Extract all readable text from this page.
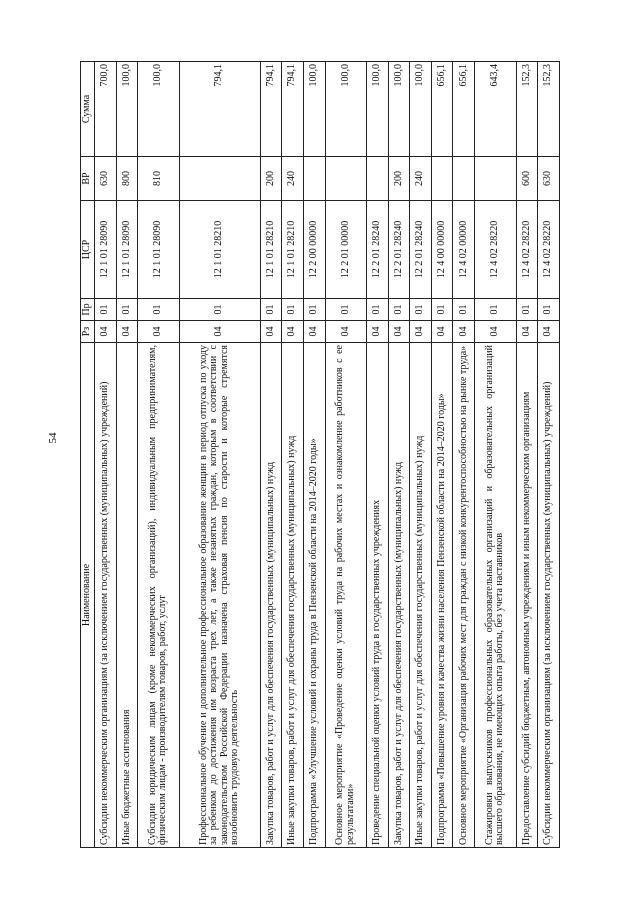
54
Наименование	Рз	Пр	ЦСР	ВР	Сумма
Субсидии некоммерческим организациям (за исключением государственных (муниципальных) учреждений)	04	01	12 1 01 28090	630	700,0
Иные бюджетные ассигнования	04	01	12 1 01 28090	800	100,0
Субсидии юридическим лицам (кроме некоммерческих организаций), индивидуальным предпринимателям, физическим лицам - производителям товаров, работ, услуг	04	01	12 1 01 28090	810	100,0
Профессиональное обучение и дополнительное профессиональное образование женщин в период отпуска по уходу за ребенком до достижения им возраста трех лет, а также незанятых граждан, которым в соответствии с законодательством Российской Федерации назначена страховая пенсия по старости и которые стремятся возобновить трудовую деятельность	04	01	12 1 01 28210		794,1
Закупка товаров, работ и услуг для обеспечения государственных (муниципальных) нужд	04	01	12 1 01 28210	200	794,1
Иные закупки товаров, работ и услуг для обеспечения государственных (муниципальных) нужд	04	01	12 1 01 28210	240	794,1
Подпрограмма «Улучшение условий и охраны труда в Пензенской области на 2014–2020 годы»	04	01	12 2 00 00000		100,0
Основное мероприятие «Проведение оценки условий труда на рабочих местах и ознакомление работников с ее результатами»	04	01	12 2 01 00000		100,0
Проведение специальной оценки условий труда в государственных учреждениях	04	01	12 2 01 28240		100,0
Закупка товаров, работ и услуг для обеспечения государственных (муниципальных) нужд	04	01	12 2 01 28240	200	100,0
Иные закупки товаров, работ и услуг для обеспечения государственных (муниципальных) нужд	04	01	12 2 01 28240	240	100,0
Подпрограмма «Повышение уровня и качества жизни населения Пензенской области на 2014–2020 годы»	04	01	12 4 00 00000		656,1
Основное мероприятие «Организация рабочих мест для граждан с низкой конкурентоспособностью на рынке труда»	04	01	12 4 02 00000		656,1
Стажировки выпускников профессиональных образовательных организаций и образовательных организаций высшего образования, не имеющих опыта работы, без учета наставников	04	01	12 4 02 28220		643,4
Предоставление субсидий бюджетным, автономным учреждениям и иным некоммерческим организациям	04	01	12 4 02 28220	600	152,3
Субсидии некоммерческим организациям (за исключением государственных (муниципальных) учреждений)	04	01	12 4 02 28220	630	152,3
